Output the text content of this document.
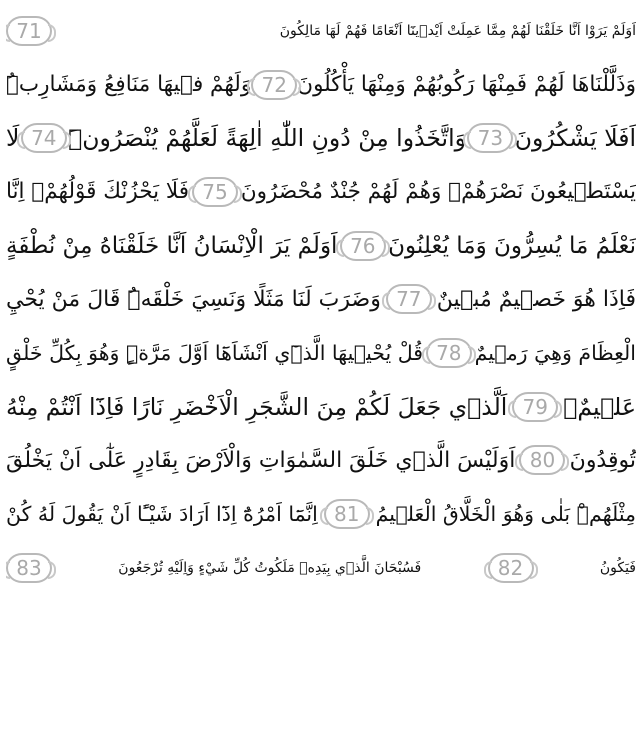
اَوَلَمْ يَرَوْا اَنَّا خَلَقْنَا لَهُمْ مِمَّا عَمِلَتْ اَيْد۪ينَٓا اَنْعَامًا فَهُمْ لَهَا مَالِكُونَ
71
وَذَلَّلْنَاهَا لَهُمْ فَمِنْهَا رَكُوبُهُمْ وَمِنْهَا يَأْكُلُونَ
72
وَلَهُمْ ف۪يهَا مَنَافِعُ وَمَشَارِبُۜ
اَفَلَا يَشْكُرُونَ
73
وَاتَّخَذُوا مِنْ دُونِ اللّٰهِ اٰلِهَةً لَعَلَّهُمْ يُنْصَرُونَۜ
74
لَا
يَسْتَط۪يعُونَ نَصْرَهُمْۙ وَهُمْ لَهُمْ جُنْدٌ مُحْضَرُونَ
75
فَلَا يَحْزُنْكَ قَوْلُهُمْۢ اِنَّا
نَعْلَمُ مَا يُسِرُّونَ وَمَا يُعْلِنُونَ
76
اَوَلَمْ يَرَ الْاِنْسَانُ اَنَّا خَلَقْنَاهُ مِنْ نُطْفَةٍ
فَاِذَا هُوَ خَص۪يمٌ مُب۪ينٌ
77
وَضَرَبَ لَنَا مَثَلًا وَنَسِيَ خَلْقَهُۜ قَالَ مَنْ يُحْيِ
الْعِظَامَ وَهِيَ رَم۪يمٌ
78
قُلْ يُحْي۪يهَا الَّذ۪ٓي اَنْشَاَهَٓا اَوَّلَ مَرَّةٍۜ وَهُوَ بِكُلِّ خَلْقٍ
عَل۪يمٌۙ
79
اَلَّذ۪ي جَعَلَ لَكُمْ مِنَ الشَّجَرِ الْاَخْضَرِ نَارًا فَاِذَٓا اَنْتُمْ مِنْهُ
تُوقِدُونَ
80
اَوَلَيْسَ الَّذ۪ي خَلَقَ السَّمٰوَاتِ وَالْاَرْضَ بِقَادِرٍ عَلٰٓى اَنْ يَخْلُقَ
مِثْلَهُمْۜ بَلٰى وَهُوَ الْخَلَّاقُ الْعَل۪يمُ
81
اِنَّمَٓا اَمْرُهُٓ اِذَٓا اَرَادَ شَيْـًٔا اَنْ يَقُولَ لَهُ كُنْ
فَيَكُونُ
82
فَسُبْحَانَ الَّذ۪ي بِيَدِه۪ مَلَكُوتُ كُلِّ شَيْءٍ وَاِلَيْهِ تُرْجَعُونَ
83
